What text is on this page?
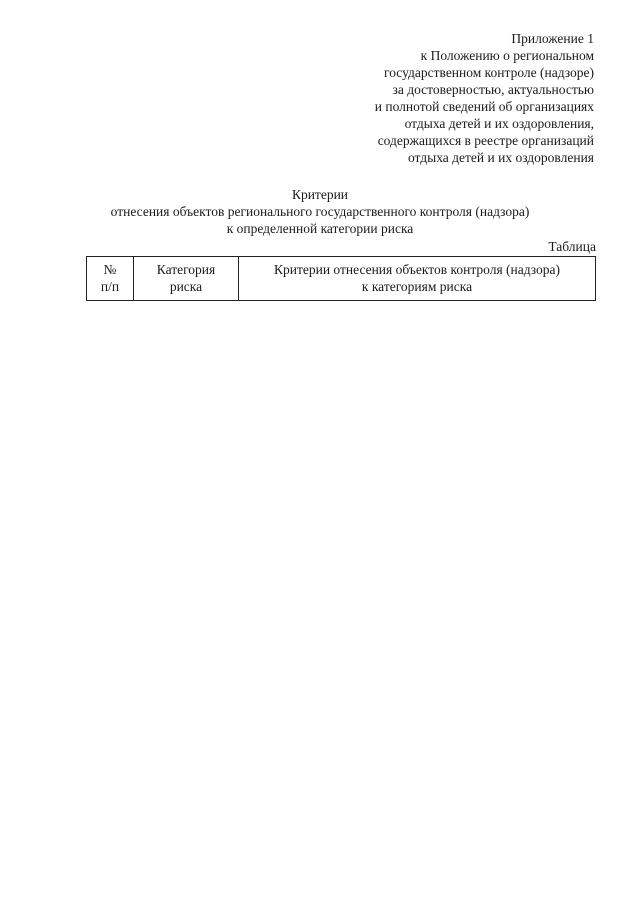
Приложение 1
к Положению о региональном
государственном контроле (надзоре)
за достоверностью, актуальностью
и полнотой сведений об организациях
отдыха детей и их оздоровления,
содержащихся в реестре организаций
отдыха детей и их оздоровления
Критерии
отнесения объектов регионального государственного контроля (надзора)
к определенной категории риска
Таблица
№
п/п

Категория
риска

Критерии отнесения объектов контроля (надзора)
к категориям риска
